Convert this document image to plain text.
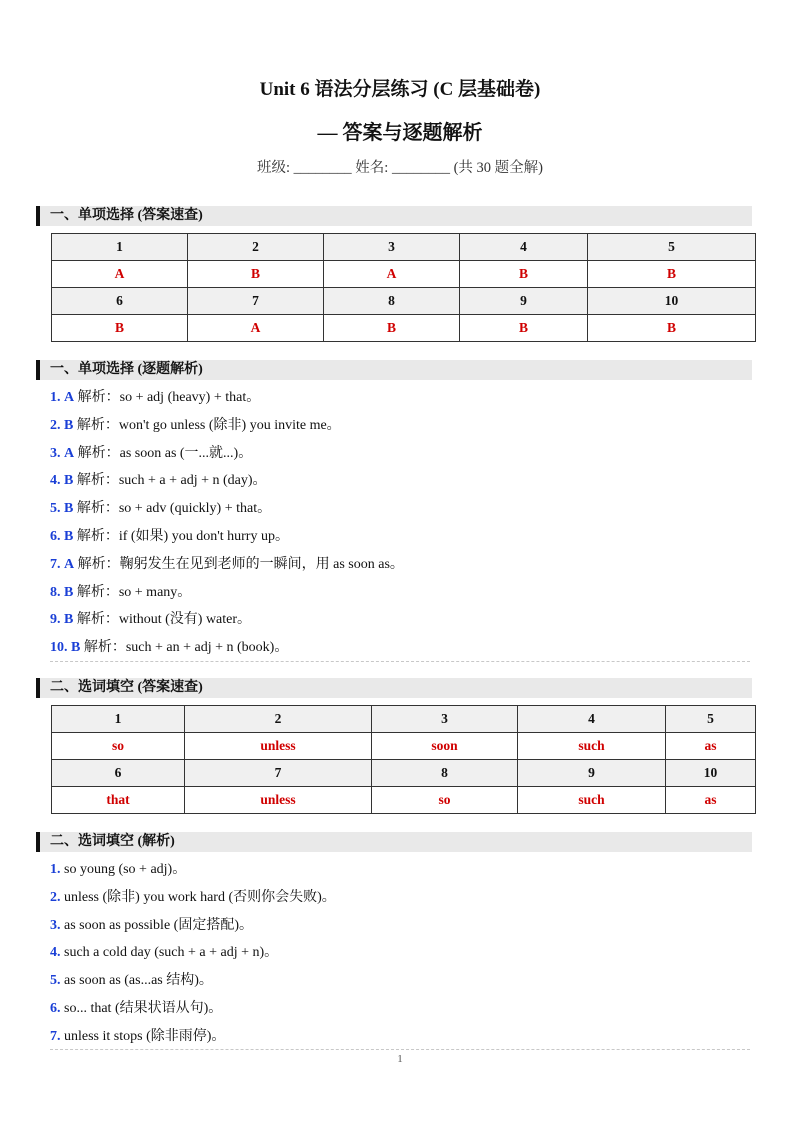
Unit 6 语法分层练习 (C 层基础卷)
— 答案与逐题解析
班级: ________ 姓名: ________ (共 30 题全解)
一、单项选择 (答案速查)
1	2	3	4	5
A	B	A	B	B
6	7	8	9	10
B	A	B	B	B
一、单项选择 (逐题解析)
1. A 解析：so + adj (heavy) + that。
2. B 解析：won't go unless (除非) you invite me。
3. A 解析：as soon as (一...就...)。
4. B 解析：such + a + adj + n (day)。
5. B 解析：so + adv (quickly) + that。
6. B 解析：if (如果) you don't hurry up。
7. A 解析：鞠躬发生在见到老师的一瞬间，用 as soon as。
8. B 解析：so + many。
9. B 解析：without (没有) water。
10. B 解析：such + an + adj + n (book)。
二、选词填空 (答案速查)
1	2	3	4	5
so	unless	soon	such	as
6	7	8	9	10
that	unless	so	such	as
二、选词填空 (解析)
1. so young (so + adj)。
2. unless (除非) you work hard (否则你会失败)。
3. as soon as possible (固定搭配)。
4. such a cold day (such + a + adj + n)。
5. as soon as (as...as 结构)。
6. so... that (结果状语从句)。
7. unless it stops (除非雨停)。
1
